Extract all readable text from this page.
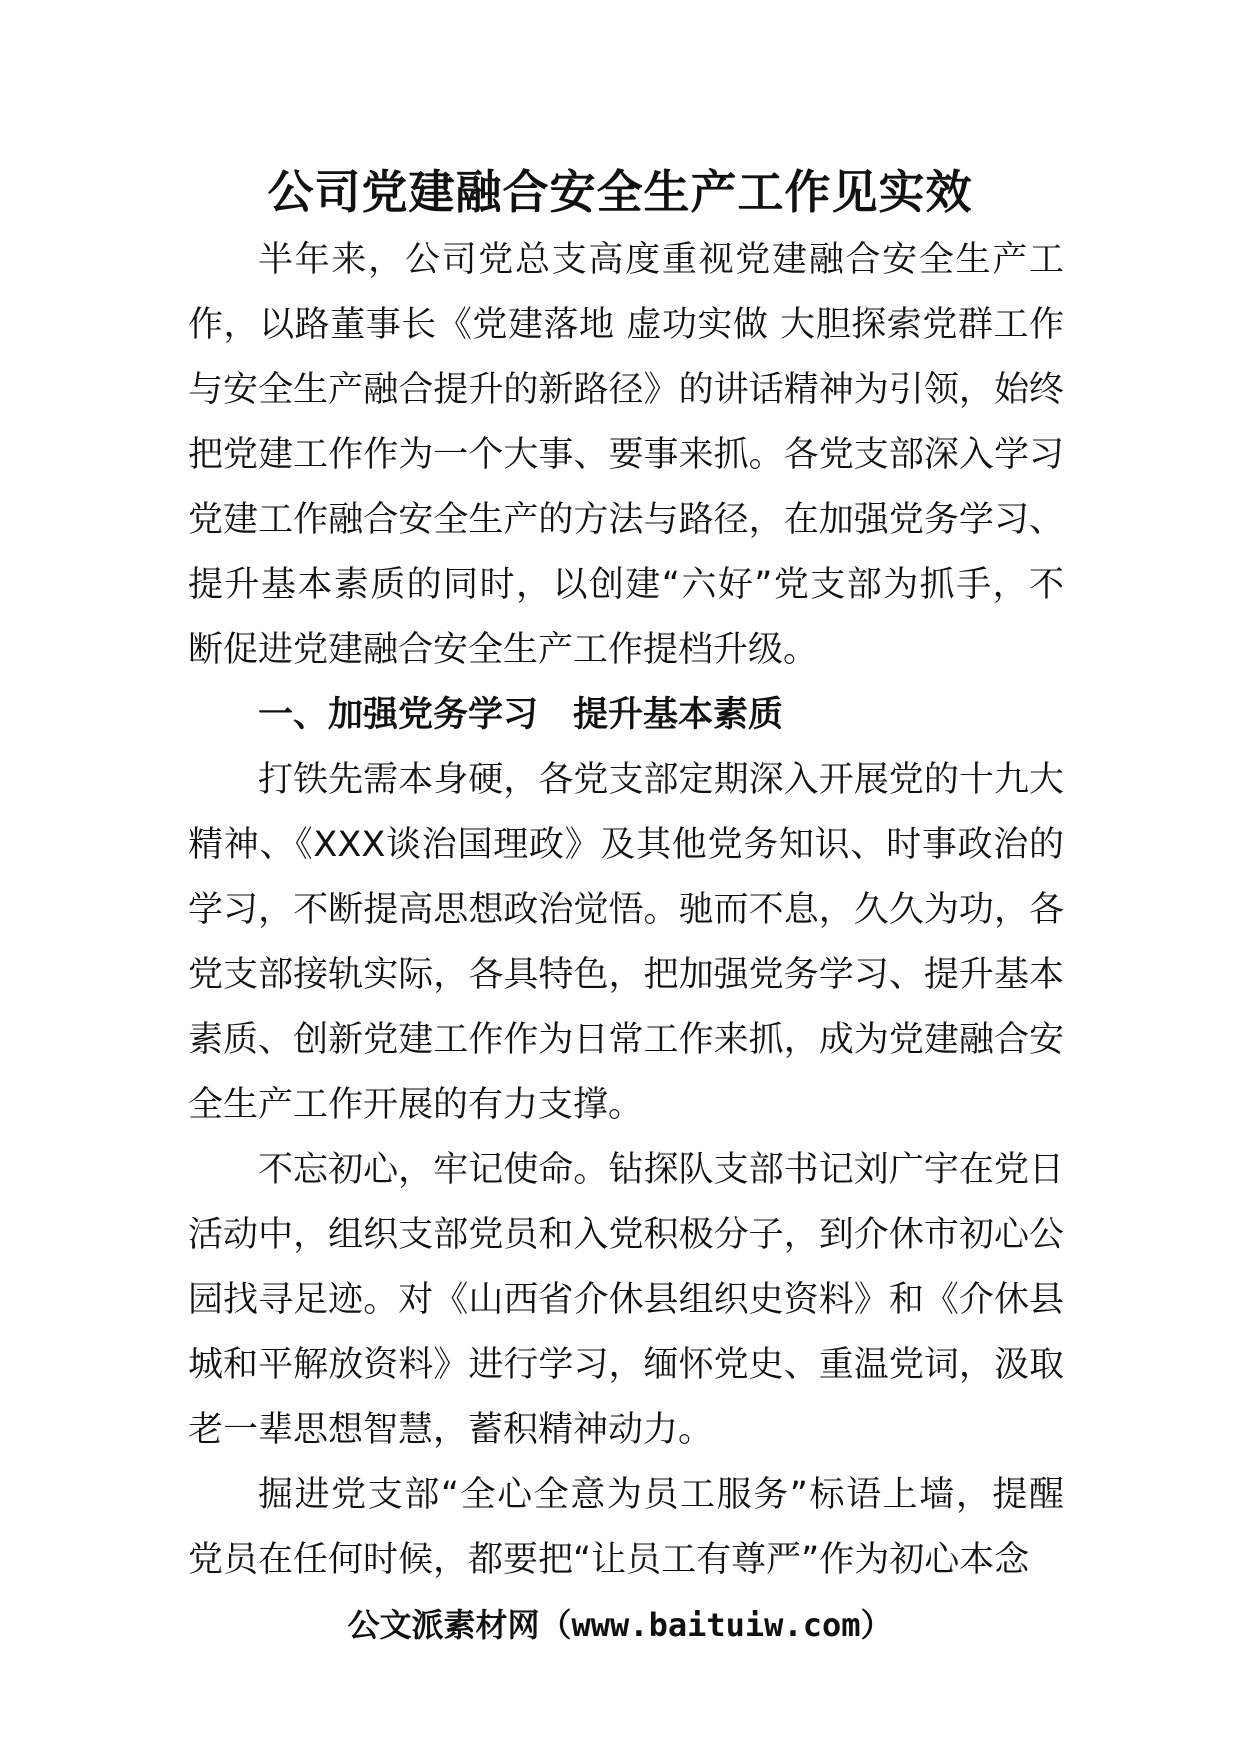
公司党建融合安全生产工作见实效

半年来，公司党总支高度重视党建融合安全生产工作，以路董事长《党建落地 虚功实做 大胆探索党群工作与安全生产融合提升的新路径》的讲话精神为引领，始终把党建工作作为一个大事、要事来抓。各党支部深入学习党建工作融合安全生产的方法与路径，在加强党务学习、提升基本素质的同时，以创建“六好”党支部为抓手，不断促进党建融合安全生产工作提档升级。

一、加强党务学习　提升基本素质

打铁先需本身硬，各党支部定期深入开展党的十九大精神、《XXX谈治国理政》及其他党务知识、时事政治的学习，不断提高思想政治觉悟。驰而不息，久久为功，各党支部接轨实际，各具特色，把加强党务学习、提升基本素质、创新党建工作作为日常工作来抓，成为党建融合安全生产工作开展的有力支撑。

不忘初心，牢记使命。钻探队支部书记刘广宇在党日活动中，组织支部党员和入党积极分子，到介休市初心公园找寻足迹。对《山西省介休县组织史资料》和《介休县城和平解放资料》进行学习，缅怀党史、重温党词，汲取老一辈思想智慧，蓄积精神动力。

掘进党支部“全心全意为员工服务”标语上墙，提醒党员在任何时候，都要把“让员工有尊严”作为初心本念

公文派素材网（www.baituiw.com）
